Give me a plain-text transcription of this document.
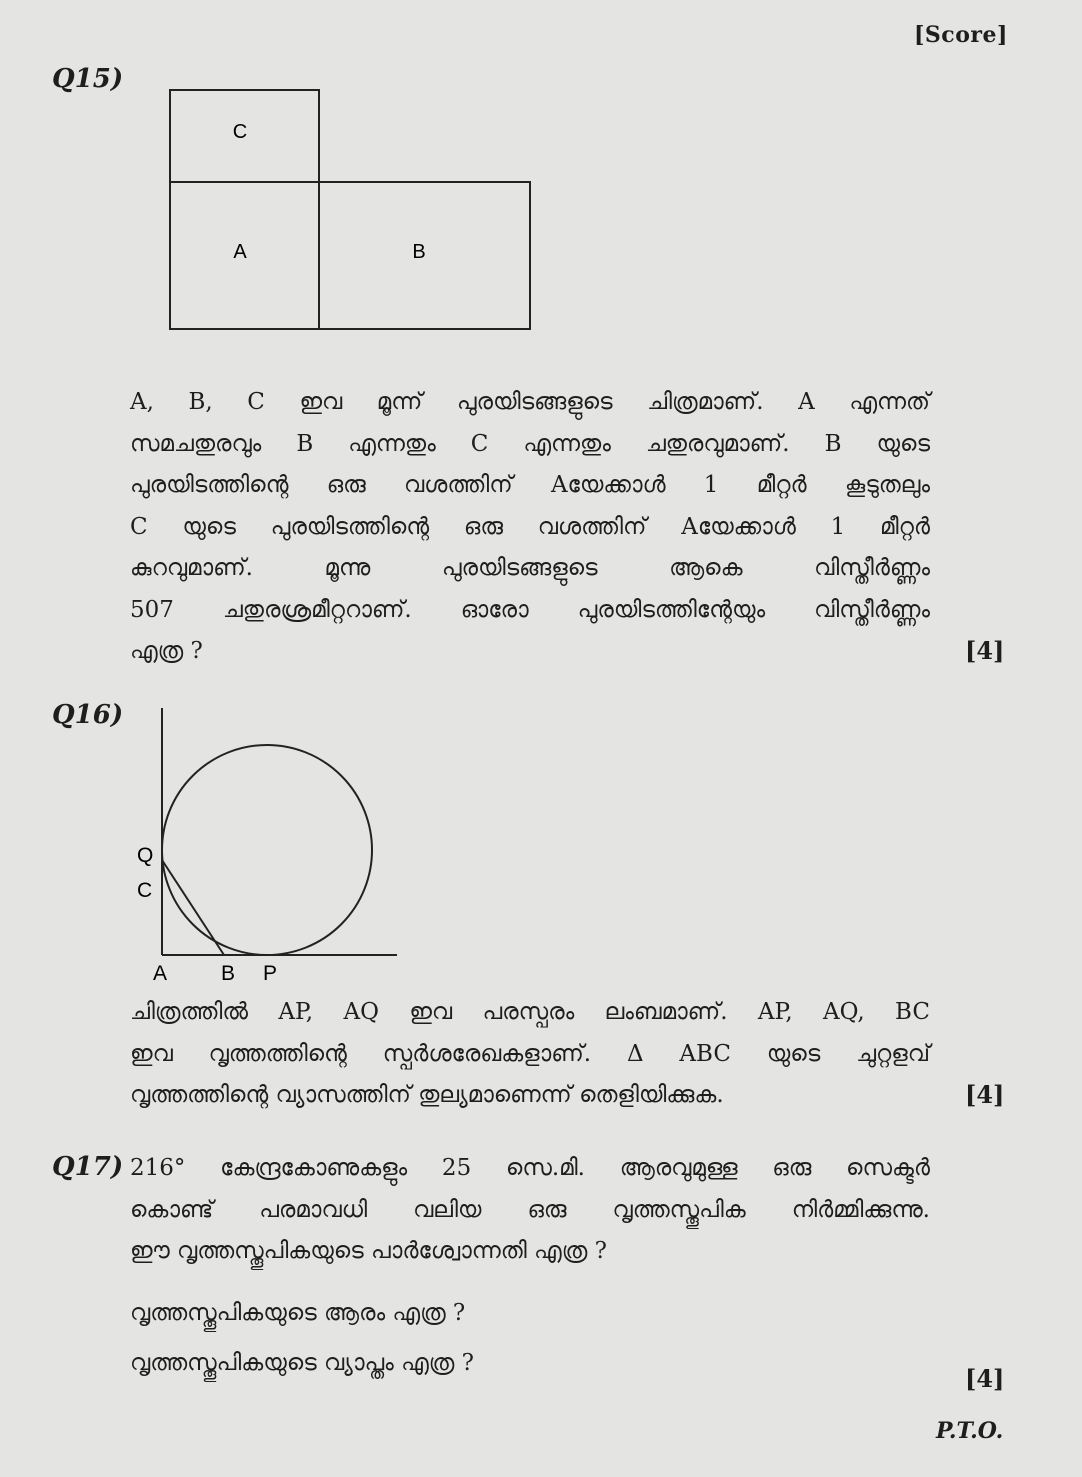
[Score]
Q15)
C
A	B
A, B, C ഇവ മൂന്ന് പുരയിടങ്ങളുടെ ചിത്രമാണ്. A എന്നത്
സമചതുരവും B എന്നതും C എന്നതും ചതുരവുമാണ്. B യുടെ
പുരയിടത്തിന്റെ ഒരു വശത്തിന് Aയേക്കാൾ 1 മീറ്റർ കൂടുതലും
C യുടെ പുരയിടത്തിന്റെ ഒരു വശത്തിന് Aയേക്കാൾ 1 മീറ്റർ
കുറവുമാണ്. മൂന്നു പുരയിടങ്ങളുടെ ആകെ വിസ്തീർണ്ണം
507 ചതുരശ്രമീറ്ററാണ്. ഓരോ പുരയിടത്തിന്റേയും വിസ്തീർണ്ണം
എത്ര ?	[4]
Q16)
Q
C
A	B P
ചിത്രത്തിൽ AP, AQ ഇവ പരസ്പരം ലംബമാണ്. AP, AQ, BC
ഇവ വൃത്തത്തിന്റെ സ്പർശരേഖകളാണ്. Δ ABC യുടെ ചുറ്റളവ്
വൃത്തത്തിന്റെ വ്യാസത്തിന് തുല്യമാണെന്ന് തെളിയിക്കുക.	[4]
Q17) 216° കേന്ദ്രകോണുകളും 25 സെ.മി. ആരവുമുള്ള ഒരു സെക്ടർ
കൊണ്ട് പരമാവധി വലിയ ഒരു വൃത്തസ്തൂപിക നിർമ്മിക്കുന്നു.
ഈ വൃത്തസ്തൂപികയുടെ പാർശ്വോന്നതി എത്ര ?
വൃത്തസ്തൂപികയുടെ ആരം എത്ര ?
വൃത്തസ്തൂപികയുടെ വ്യാപ്തം എത്ര ?
[4]
P.T.O.
